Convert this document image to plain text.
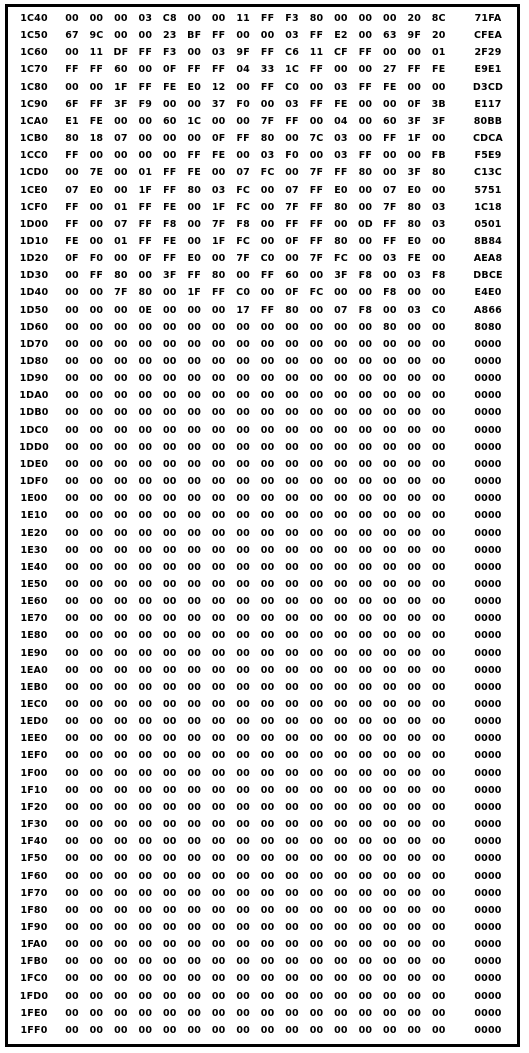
1C40	00	00	00	03	C8	00	00	11	FF	F3	80	00	00	00	20	8C	71FA
1C50	67	9C	00	00	23	BF	FF	00	00	03	FF	E2	00	63	9F	20	CFEA
1C60	00	11	DF	FF	F3	00	03	9F	FF	C6	11	CF	FF	00	00	01	2F29
1C70	FF	FF	60	00	0F	FF	FF	04	33	1C	FF	00	00	27	FF	FE	E9E1
1C80	00	00	1F	FF	FE	E0	12	00	FF	C0	00	03	FF	FE	00	00	D3CD
1C90	6F	FF	3F	F9	00	00	37	F0	00	03	FF	FE	00	00	0F	3B	E117
1CA0	E1	FE	00	00	60	1C	00	00	7F	FF	00	04	00	60	3F	3F	80BB
1CB0	80	18	07	00	00	00	0F	FF	80	00	7C	03	00	FF	1F	00	CDCA
1CC0	FF	00	00	00	00	FF	FE	00	03	F0	00	03	FF	00	00	FB	F5E9
1CD0	00	7E	00	01	FF	FE	00	07	FC	00	7F	FF	80	00	3F	80	C13C
1CE0	07	E0	00	1F	FF	80	03	FC	00	07	FF	E0	00	07	E0	00	5751
1CF0	FF	00	01	FF	FE	00	1F	FC	00	7F	FF	80	00	7F	80	03	1C18
1D00	FF	00	07	FF	F8	00	7F	F8	00	FF	FF	00	0D	FF	80	03	0501
1D10	FE	00	01	FF	FE	00	1F	FC	00	0F	FF	80	00	FF	E0	00	8B84
1D20	0F	F0	00	0F	FF	E0	00	7F	C0	00	7F	FC	00	03	FE	00	AEA8
1D30	00	FF	80	00	3F	FF	80	00	FF	60	00	3F	F8	00	03	F8	DBCE
1D40	00	00	7F	80	00	1F	FF	C0	00	0F	FC	00	00	F8	00	00	E4E0
1D50	00	00	00	0E	00	00	00	17	FF	80	00	07	F8	00	03	C0	A866
1D60	00	00	00	00	00	00	00	00	00	00	00	00	00	80	00	00	8080
1D70	00	00	00	00	00	00	00	00	00	00	00	00	00	00	00	00	0000
1D80	00	00	00	00	00	00	00	00	00	00	00	00	00	00	00	00	0000
1D90	00	00	00	00	00	00	00	00	00	00	00	00	00	00	00	00	0000
1DA0	00	00	00	00	00	00	00	00	00	00	00	00	00	00	00	00	0000
1DB0	00	00	00	00	00	00	00	00	00	00	00	00	00	00	00	00	0000
1DC0	00	00	00	00	00	00	00	00	00	00	00	00	00	00	00	00	0000
1DD0	00	00	00	00	00	00	00	00	00	00	00	00	00	00	00	00	0000
1DE0	00	00	00	00	00	00	00	00	00	00	00	00	00	00	00	00	0000
1DF0	00	00	00	00	00	00	00	00	00	00	00	00	00	00	00	00	0000
1E00	00	00	00	00	00	00	00	00	00	00	00	00	00	00	00	00	0000
1E10	00	00	00	00	00	00	00	00	00	00	00	00	00	00	00	00	0000
1E20	00	00	00	00	00	00	00	00	00	00	00	00	00	00	00	00	0000
1E30	00	00	00	00	00	00	00	00	00	00	00	00	00	00	00	00	0000
1E40	00	00	00	00	00	00	00	00	00	00	00	00	00	00	00	00	0000
1E50	00	00	00	00	00	00	00	00	00	00	00	00	00	00	00	00	0000
1E60	00	00	00	00	00	00	00	00	00	00	00	00	00	00	00	00	0000
1E70	00	00	00	00	00	00	00	00	00	00	00	00	00	00	00	00	0000
1E80	00	00	00	00	00	00	00	00	00	00	00	00	00	00	00	00	0000
1E90	00	00	00	00	00	00	00	00	00	00	00	00	00	00	00	00	0000
1EA0	00	00	00	00	00	00	00	00	00	00	00	00	00	00	00	00	0000
1EB0	00	00	00	00	00	00	00	00	00	00	00	00	00	00	00	00	0000
1EC0	00	00	00	00	00	00	00	00	00	00	00	00	00	00	00	00	0000
1ED0	00	00	00	00	00	00	00	00	00	00	00	00	00	00	00	00	0000
1EE0	00	00	00	00	00	00	00	00	00	00	00	00	00	00	00	00	0000
1EF0	00	00	00	00	00	00	00	00	00	00	00	00	00	00	00	00	0000
1F00	00	00	00	00	00	00	00	00	00	00	00	00	00	00	00	00	0000
1F10	00	00	00	00	00	00	00	00	00	00	00	00	00	00	00	00	0000
1F20	00	00	00	00	00	00	00	00	00	00	00	00	00	00	00	00	0000
1F30	00	00	00	00	00	00	00	00	00	00	00	00	00	00	00	00	0000
1F40	00	00	00	00	00	00	00	00	00	00	00	00	00	00	00	00	0000
1F50	00	00	00	00	00	00	00	00	00	00	00	00	00	00	00	00	0000
1F60	00	00	00	00	00	00	00	00	00	00	00	00	00	00	00	00	0000
1F70	00	00	00	00	00	00	00	00	00	00	00	00	00	00	00	00	0000
1F80	00	00	00	00	00	00	00	00	00	00	00	00	00	00	00	00	0000
1F90	00	00	00	00	00	00	00	00	00	00	00	00	00	00	00	00	0000
1FA0	00	00	00	00	00	00	00	00	00	00	00	00	00	00	00	00	0000
1FB0	00	00	00	00	00	00	00	00	00	00	00	00	00	00	00	00	0000
1FC0	00	00	00	00	00	00	00	00	00	00	00	00	00	00	00	00	0000
1FD0	00	00	00	00	00	00	00	00	00	00	00	00	00	00	00	00	0000
1FE0	00	00	00	00	00	00	00	00	00	00	00	00	00	00	00	00	0000
1FF0	00	00	00	00	00	00	00	00	00	00	00	00	00	00	00	00	0000
